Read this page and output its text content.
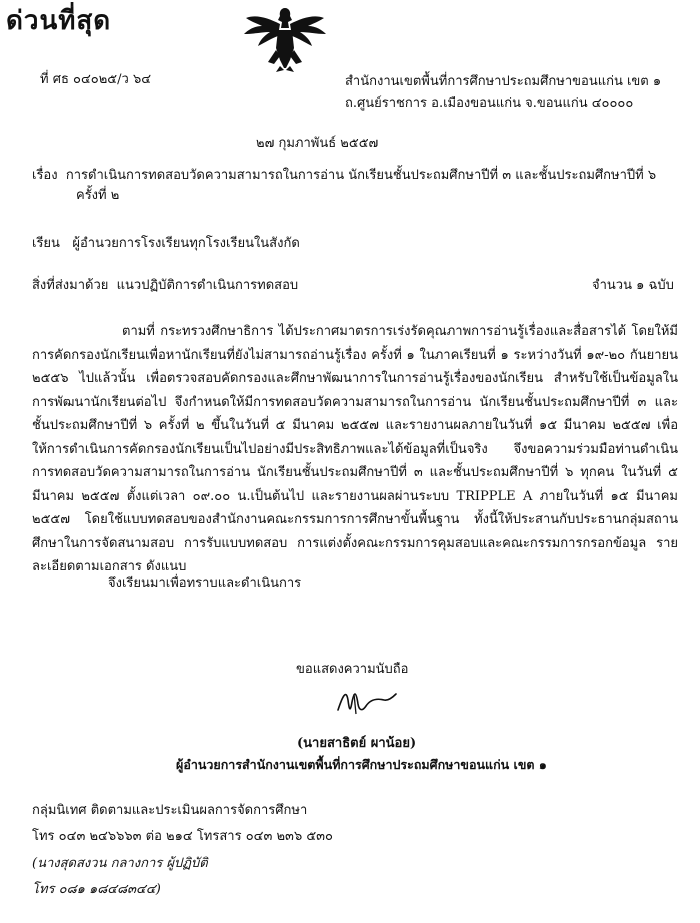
ด่วนที่สุด
ที่ ศธ ๐๔๐๒๕/ว ๖๔	สำนักงานเขตพื้นที่การศึกษาประถมศึกษาขอนแก่น เขต ๑
ถ.ศูนย์ราชการ อ.เมืองขอนแก่น จ.ขอนแก่น ๔๐๐๐๐
๒๗ กุมภาพันธ์ ๒๕๕๗
เรื่อง การดำเนินการทดสอบวัดความสามารถในการอ่าน นักเรียนชั้นประถมศึกษาปีที่ ๓ และชั้นประถมศึกษาปีที่ ๖
ครั้งที่ ๒
เรียน ผู้อำนวยการโรงเรียนทุกโรงเรียนในสังกัด
สิ่งที่ส่งมาด้วย แนวปฏิบัติการดำเนินการทดสอบ	จำนวน ๑ ฉบับ
ตามที่ กระทรวงศึกษาธิการ ได้ประกาศมาตรการเร่งรัดคุณภาพการอ่านรู้เรื่องและสื่อสารได้ โดยให้มีการคัดกรองนักเรียนเพื่อหานักเรียนที่ยังไม่สามารถอ่านรู้เรื่อง ครั้งที่ ๑ ในภาคเรียนที่ ๑ ระหว่างวันที่ ๑๙-๒๐ กันยายน ๒๕๕๖ ไปแล้วนั้น เพื่อตรวจสอบคัดกรองและศึกษาพัฒนาการในการอ่านรู้เรื่องของนักเรียน สำหรับใช้เป็นข้อมูลในการพัฒนานักเรียนต่อไป จึงกำหนดให้มีการทดสอบวัดความสามารถในการอ่าน นักเรียนชั้นประถมศึกษาปีที่ ๓ และชั้นประถมศึกษาปีที่ ๖ ครั้งที่ ๒ ขึ้นในวันที่ ๕ มีนาคม ๒๕๕๗ และรายงานผลภายในวันที่ ๑๕ มีนาคม ๒๕๕๗ เพื่อให้การดำเนินการคัดกรองนักเรียนเป็นไปอย่างมีประสิทธิภาพและได้ข้อมูลที่เป็นจริง จึงขอความร่วมมือท่านดำเนินการทดสอบวัดความสามารถในการอ่าน นักเรียนชั้นประถมศึกษาปีที่ ๓ และชั้นประถมศึกษาปีที่ ๖ ทุกคน ในวันที่ ๕ มีนาคม ๒๕๕๗ ตั้งแต่เวลา ๐๙.๐๐ น.เป็นต้นไป และรายงานผลผ่านระบบ TRIPPLE A ภายในวันที่ ๑๕ มีนาคม ๒๕๕๗ โดยใช้แบบทดสอบของสำนักงานคณะกรรมการการศึกษาขั้นพื้นฐาน ทั้งนี้ให้ประสานกับประธานกลุ่มสถานศึกษาในการจัดสนามสอบ การรับแบบทดสอบ การแต่งตั้งคณะกรรมการคุมสอบและคณะกรรมการกรอกข้อมูล รายละเอียดตามเอกสาร ดังแนบ
จึงเรียนมาเพื่อทราบและดำเนินการ
ขอแสดงความนับถือ
(นายสาธิตย์ ผาน้อย)
ผู้อำนวยการสำนักงานเขตพื้นที่การศึกษาประถมศึกษาขอนแก่น เขต ๑
กลุ่มนิเทศ ติดตามและประเมินผลการจัดการศึกษา
โทร ๐๔๓ ๒๔๖๖๖๓ ต่อ ๒๑๔ โทรสาร ๐๔๓ ๒๓๖ ๕๓๐
(นางสุดสงวน กลางการ ผู้ปฏิบัติ
โทร ๐๘๑ ๑๘๔๘๓๔๔)
